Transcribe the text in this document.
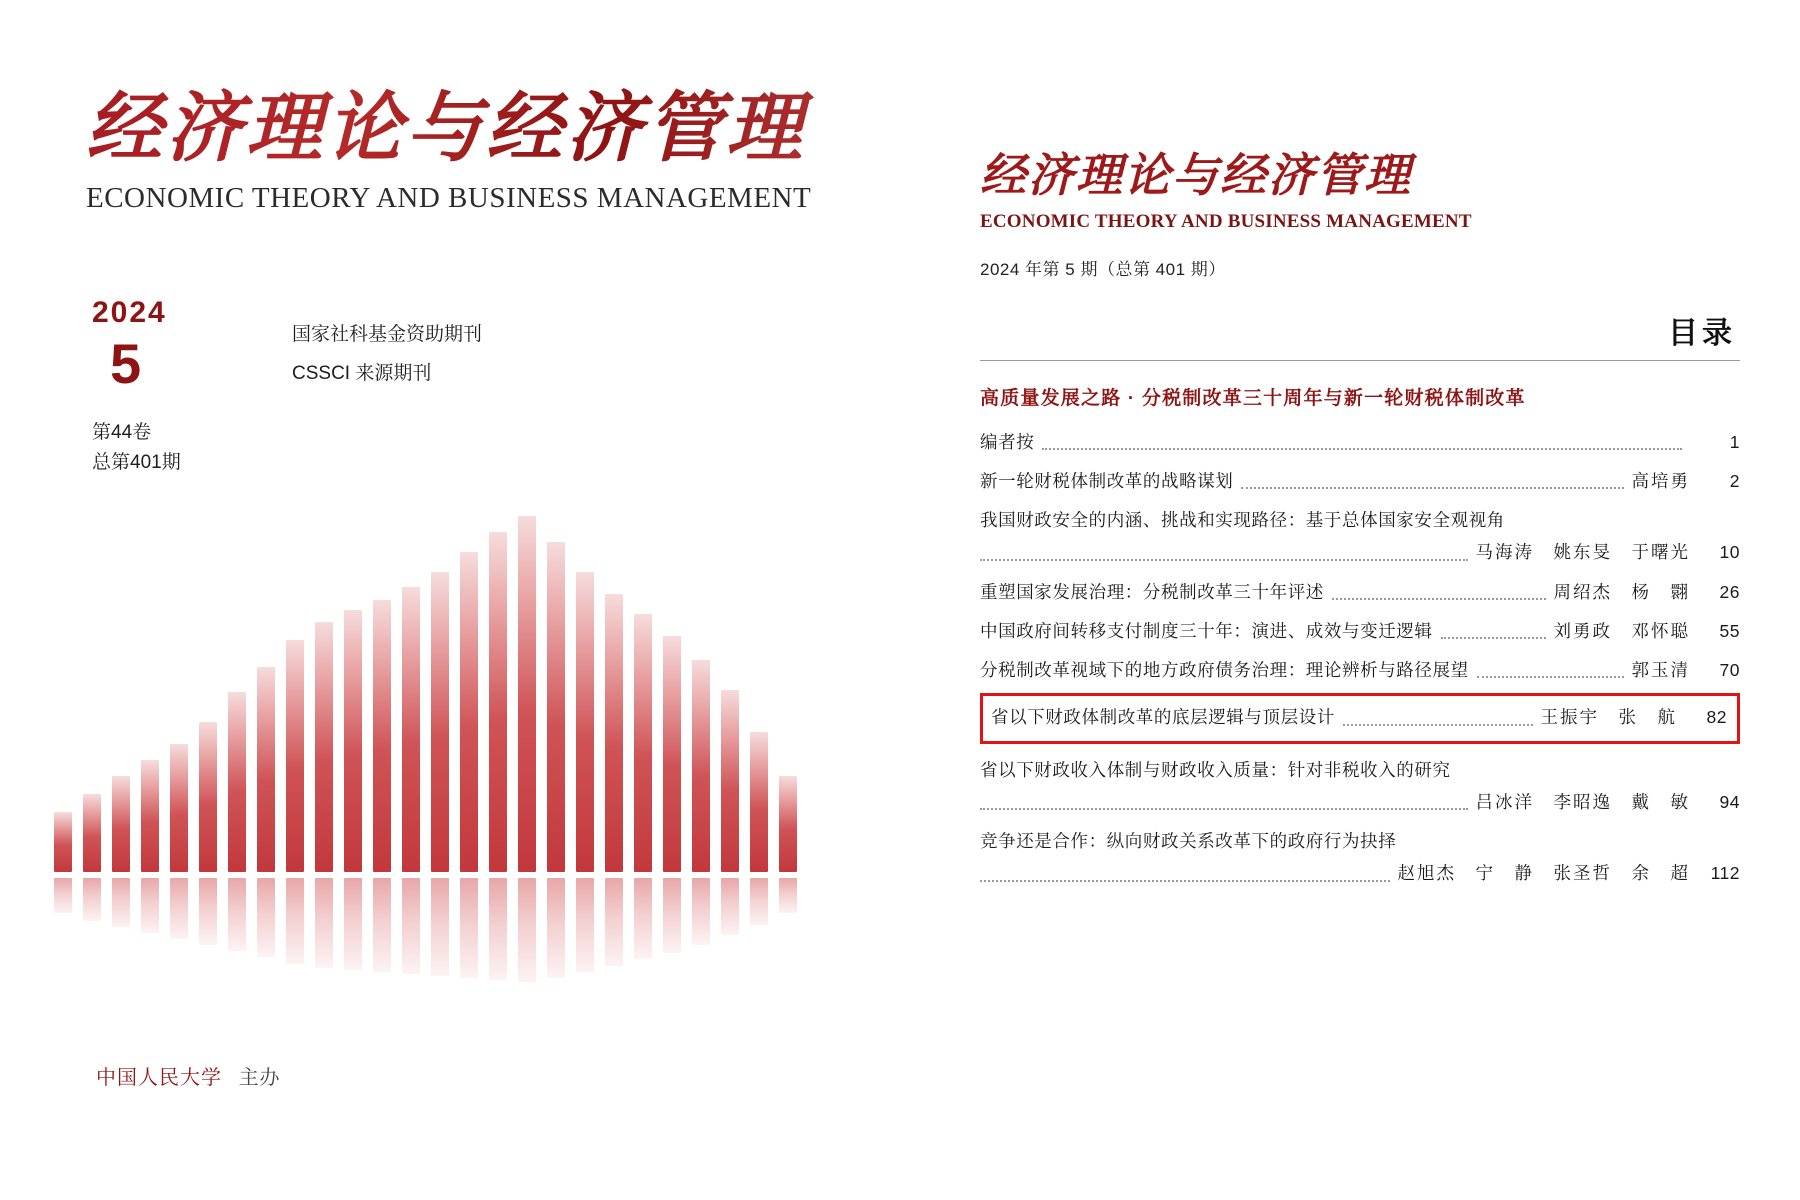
经济理论与经济管理
ECONOMIC THEORY AND BUSINESS MANAGEMENT
2024
5	国家社科基金资助期刊
CSSCI 来源期刊
第44卷
总第401期
中国人民大学 主办
经济理论与经济管理
ECONOMIC THEORY AND BUSINESS MANAGEMENT
2024 年第 5 期（总第 401 期）
目录
高质量发展之路 · 分税制改革三十周年与新一轮财税体制改革
编者按	1
新一轮财税体制改革的战略谋划	高培勇	2
我国财政安全的内涵、挑战和实现路径：基于总体国家安全观视角
马海涛　姚东旻　于曙光	10
重塑国家发展治理：分税制改革三十年评述	周绍杰　杨　翾	26
中国政府间转移支付制度三十年：演进、成效与变迁逻辑	刘勇政　邓怀聪	55
分税制改革视域下的地方政府债务治理：理论辨析与路径展望	郭玉清	70
省以下财政体制改革的底层逻辑与顶层设计	王振宇　张　航	82
省以下财政收入体制与财政收入质量：针对非税收入的研究
吕冰洋　李昭逸　戴　敏	94
竞争还是合作：纵向财政关系改革下的政府行为抉择
赵旭杰　宁　静　张圣哲　余　超 112
